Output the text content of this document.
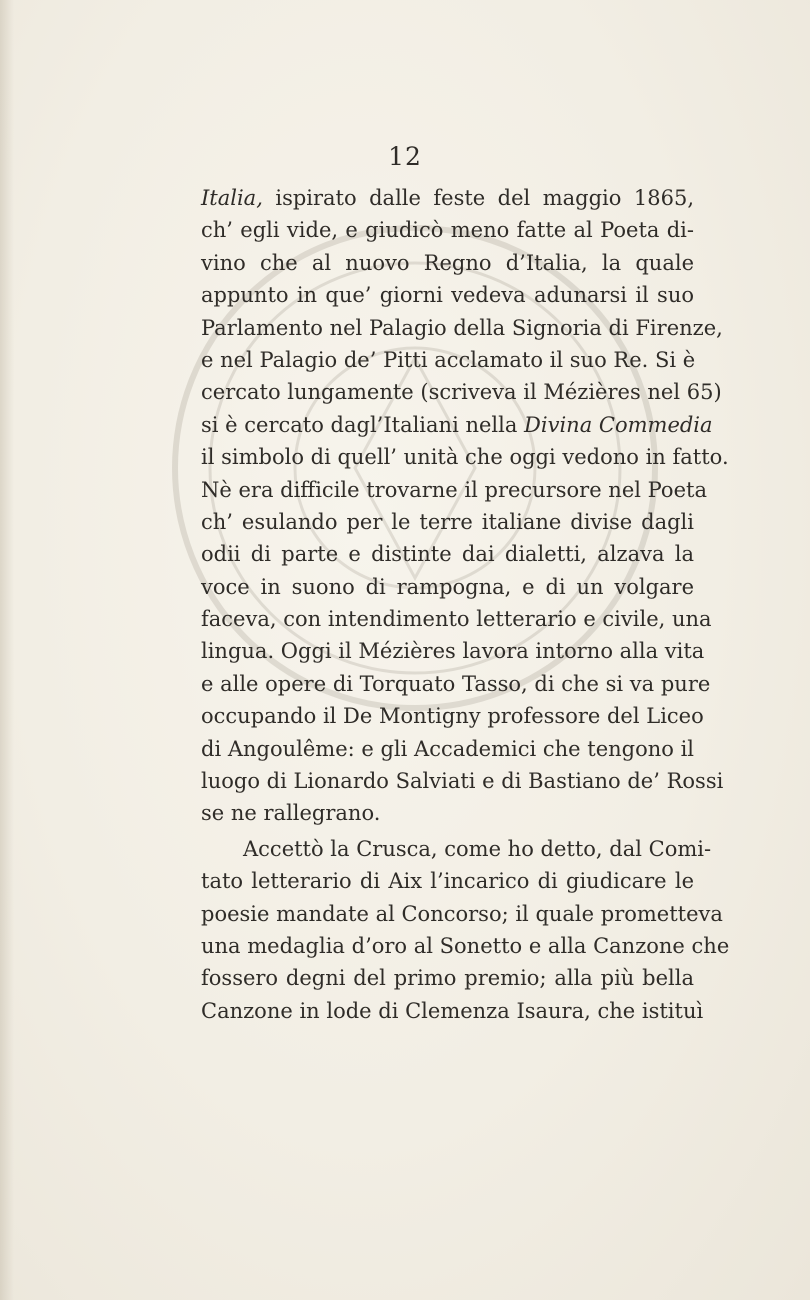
12
Italia, ispirato dalle feste del maggio 1865,
ch’ egli vide, e giudicò meno fatte al Poeta di-
vino che al nuovo Regno d’Italia, la quale
appunto in que’ giorni vedeva adunarsi il suo
Parlamento nel Palagio della Signoria di Firenze,
e nel Palagio de’ Pitti acclamato il suo Re. Si è
cercato lungamente (scriveva il Mézières nel 65)
si è cercato dagl’Italiani nella Divina Commedia
il simbolo di quell’ unità che oggi vedono in fatto.
Nè era difficile trovarne il precursore nel Poeta
ch’ esulando per le terre italiane divise dagli
odii di parte e distinte dai dialetti, alzava la
voce in suono di rampogna, e di un volgare
faceva, con intendimento letterario e civile, una
lingua. Oggi il Mézières lavora intorno alla vita
e alle opere di Torquato Tasso, di che si va pure
occupando il De Montigny professore del Liceo
di Angoulême: e gli Accademici che tengono il
luogo di Lionardo Salviati e di Bastiano de’ Rossi
se ne rallegrano.
Accettò la Crusca, come ho detto, dal Comi-
tato letterario di Aix l’incarico di giudicare le
poesie mandate al Concorso; il quale prometteva
una medaglia d’oro al Sonetto e alla Canzone che
fossero degni del primo premio; alla più bella
Canzone in lode di Clemenza Isaura, che istituì
